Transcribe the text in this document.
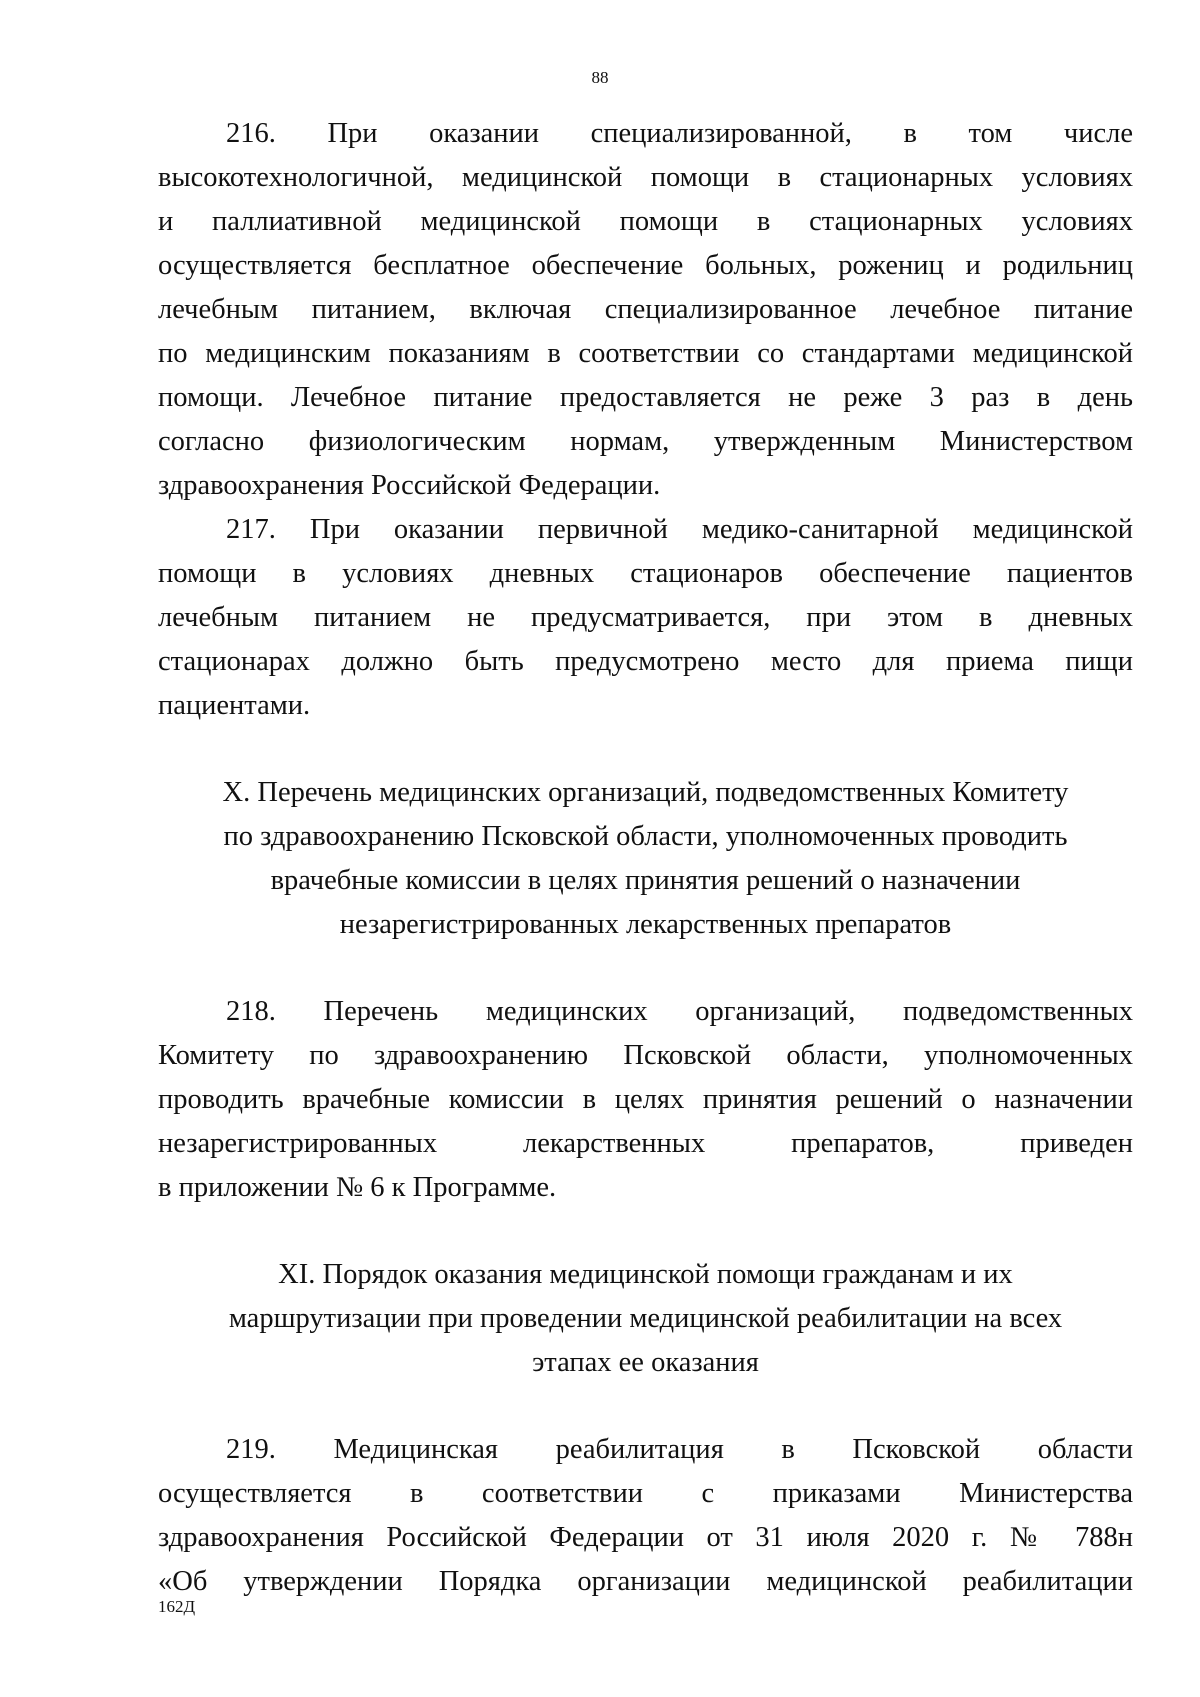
88
216. При оказании специализированной, в том числе
высокотехнологичной, медицинской помощи в стационарных условиях
и паллиативной медицинской помощи в стационарных условиях
осуществляется бесплатное обеспечение больных, рожениц и родильниц
лечебным питанием, включая специализированное лечебное питание
по медицинским показаниям в соответствии со стандартами медицинской
помощи. Лечебное питание предоставляется не реже 3 раз в день
согласно физиологическим нормам, утвержденным Министерством
здравоохранения Российской Федерации.
217. При оказании первичной медико-санитарной медицинской
помощи в условиях дневных стационаров обеспечение пациентов
лечебным питанием не предусматривается, при этом в дневных
стационарах должно быть предусмотрено место для приема пищи
пациентами.
X. Перечень медицинских организаций, подведомственных Комитету
по здравоохранению Псковской области, уполномоченных проводить
врачебные комиссии в целях принятия решений о назначении
незарегистрированных лекарственных препаратов
218. Перечень медицинских организаций, подведомственных
Комитету по здравоохранению Псковской области, уполномоченных
проводить врачебные комиссии в целях принятия решений о назначении
незарегистрированных лекарственных препаратов, приведен
в приложении № 6 к Программе.
XI. Порядок оказания медицинской помощи гражданам и их
маршрутизации при проведении медицинской реабилитации на всех
этапах ее оказания
219. Медицинская реабилитация в Псковской области
осуществляется в соответствии с приказами Министерства
здравоохранения Российской Федерации от 31 июля 2020 г. № 788н
«Об утверждении Порядка организации медицинской реабилитации
162Д
